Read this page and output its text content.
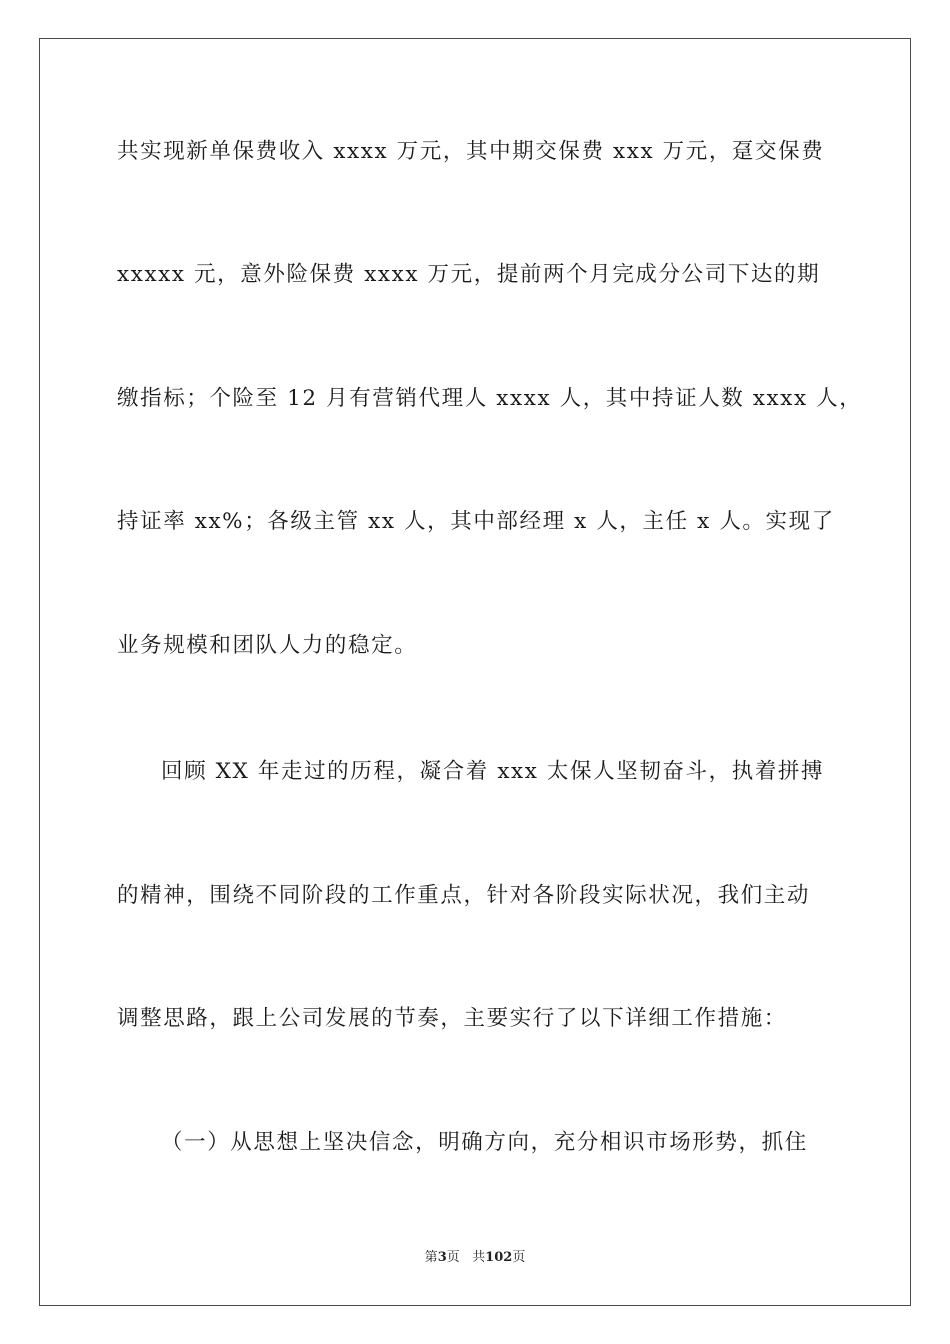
共实现新单保费收入 xxxx 万元，其中期交保费 xxx 万元，趸交保费
xxxxx 元，意外险保费 xxxx 万元，提前两个月完成分公司下达的期
缴指标；个险至 12 月有营销代理人 xxxx 人，其中持证人数 xxxx 人，
持证率 xx%；各级主管 xx 人，其中部经理 x 人，主任 x 人。实现了
业务规模和团队人力的稳定。
回顾 XX 年走过的历程，凝合着 xxx 太保人坚韧奋斗，执着拼搏
的精神，围绕不同阶段的工作重点，针对各阶段实际状况，我们主动
调整思路，跟上公司发展的节奏，主要实行了以下详细工作措施：
（一）从思想上坚决信念，明确方向，充分相识市场形势，抓住
第3页 共102页
